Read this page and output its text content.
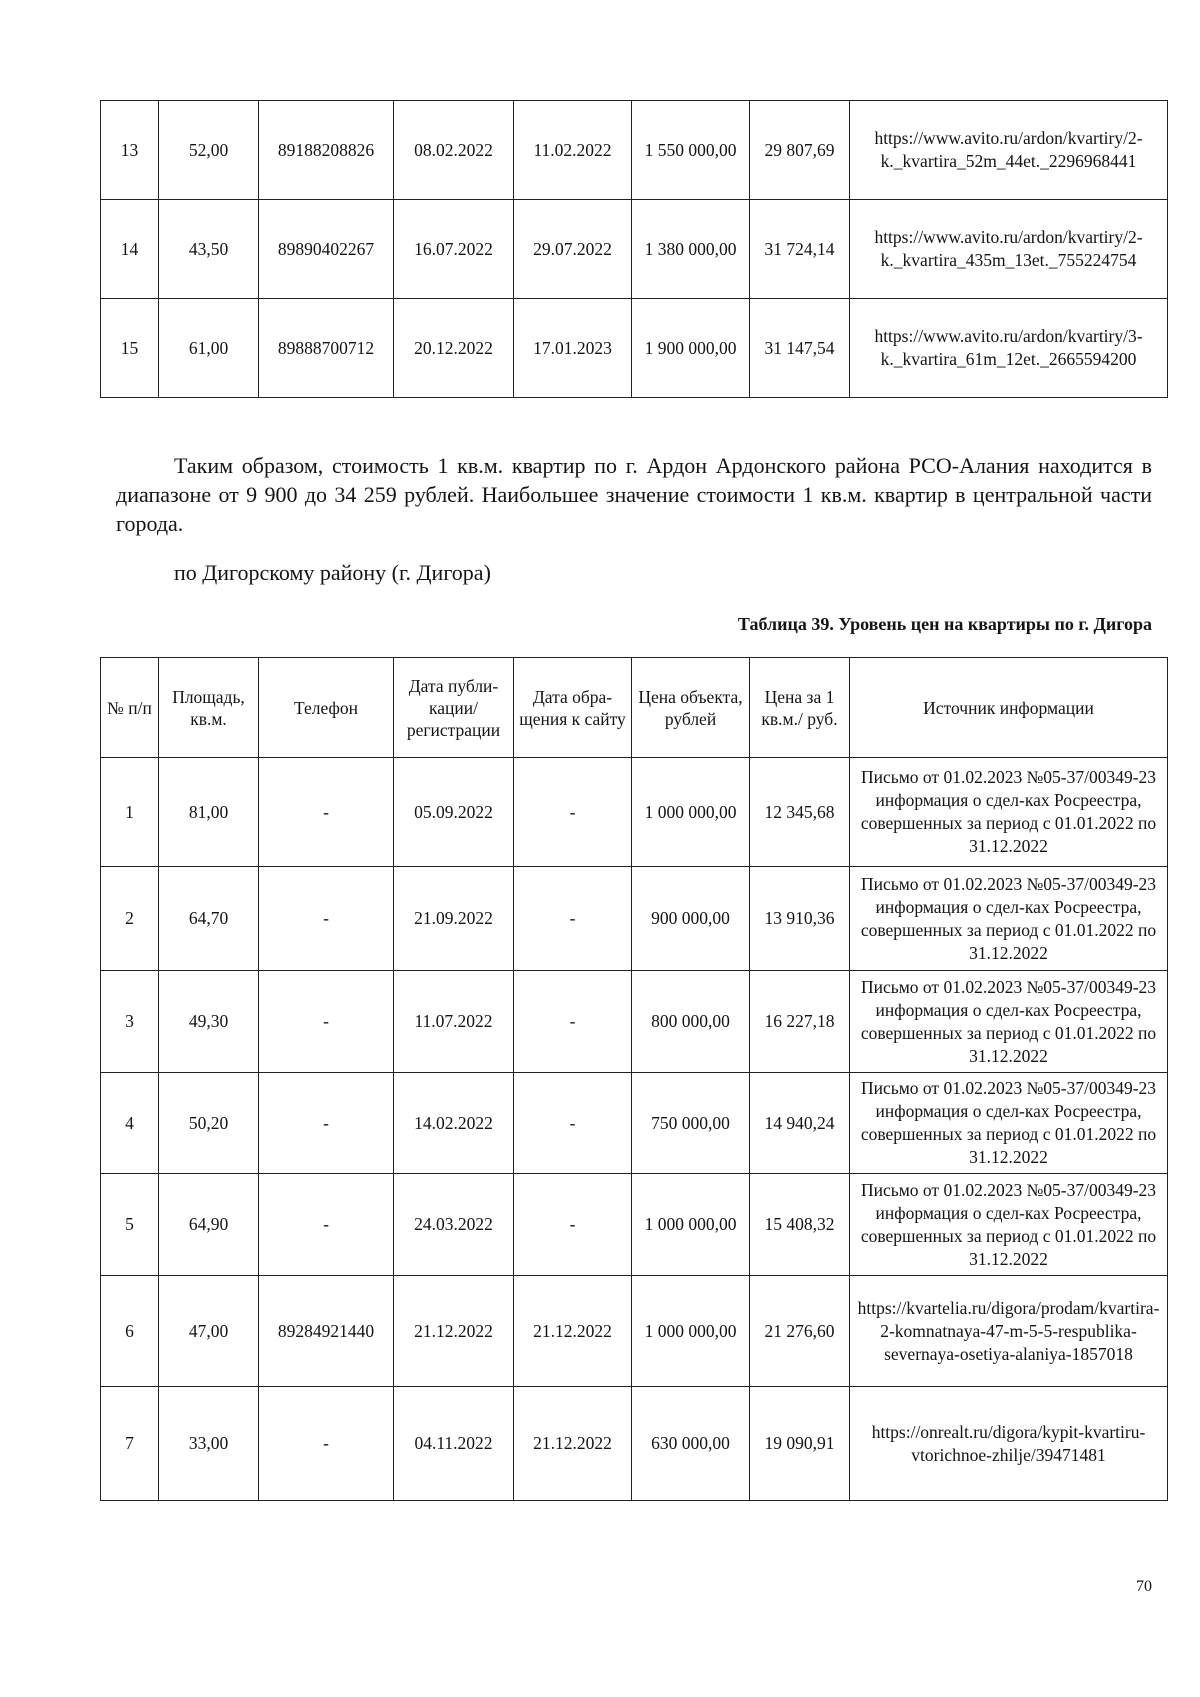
13	52,00	89188208826	08.02.2022	11.02.2022	1 550 000,00	29 807,69	https://www.avito.ru/ardon/kvartiry/2-k._kvartira_52m_44et._2296968441
14	43,50	89890402267	16.07.2022	29.07.2022	1 380 000,00	31 724,14	https://www.avito.ru/ardon/kvartiry/2-k._kvartira_435m_13et._755224754
15	61,00	89888700712	20.12.2022	17.01.2023	1 900 000,00	31 147,54	https://www.avito.ru/ardon/kvartiry/3-k._kvartira_61m_12et._2665594200

Таким образом, стоимость 1 кв.м. квартир по г. Ардон Ардонского района РСО-Алания находится в диапазоне от 9 900 до 34 259 рублей. Наибольшее значение стоимости 1 кв.м. квартир в центральной части города.

по Дигорскому району (г. Дигора)

Таблица 39. Уровень цен на квартиры по г. Дигора

№ п/п	Площадь, кв.м.	Телефон	Дата публи-кации/ регистрации	Дата обра-щения к сайту	Цена объекта, рублей	Цена за 1 кв.м./ руб.	Источник информации
1	81,00	-	05.09.2022	-	1 000 000,00	12 345,68	Письмо от 01.02.2023 №05-37/00349-23 информация о сдел-ках Росреестра, совершенных за период с 01.01.2022 по 31.12.2022
2	64,70	-	21.09.2022	-	900 000,00	13 910,36	Письмо от 01.02.2023 №05-37/00349-23 информация о сдел-ках Росреестра, совершенных за период с 01.01.2022 по 31.12.2022
3	49,30	-	11.07.2022	-	800 000,00	16 227,18	Письмо от 01.02.2023 №05-37/00349-23 информация о сдел-ках Росреестра, совершенных за период с 01.01.2022 по 31.12.2022
4	50,20	-	14.02.2022	-	750 000,00	14 940,24	Письмо от 01.02.2023 №05-37/00349-23 информация о сдел-ках Росреестра, совершенных за период с 01.01.2022 по 31.12.2022
5	64,90	-	24.03.2022	-	1 000 000,00	15 408,32	Письмо от 01.02.2023 №05-37/00349-23 информация о сдел-ках Росреестра, совершенных за период с 01.01.2022 по 31.12.2022
6	47,00	89284921440	21.12.2022	21.12.2022	1 000 000,00	21 276,60	https://kvartelia.ru/digora/prodam/kvartira-2-komnatnaya-47-m-5-5-respublika-severnaya-osetiya-alaniya-1857018
7	33,00	-	04.11.2022	21.12.2022	630 000,00	19 090,91	https://onrealt.ru/digora/kypit-kvartiru-vtorichnoe-zhilje/39471481
70
